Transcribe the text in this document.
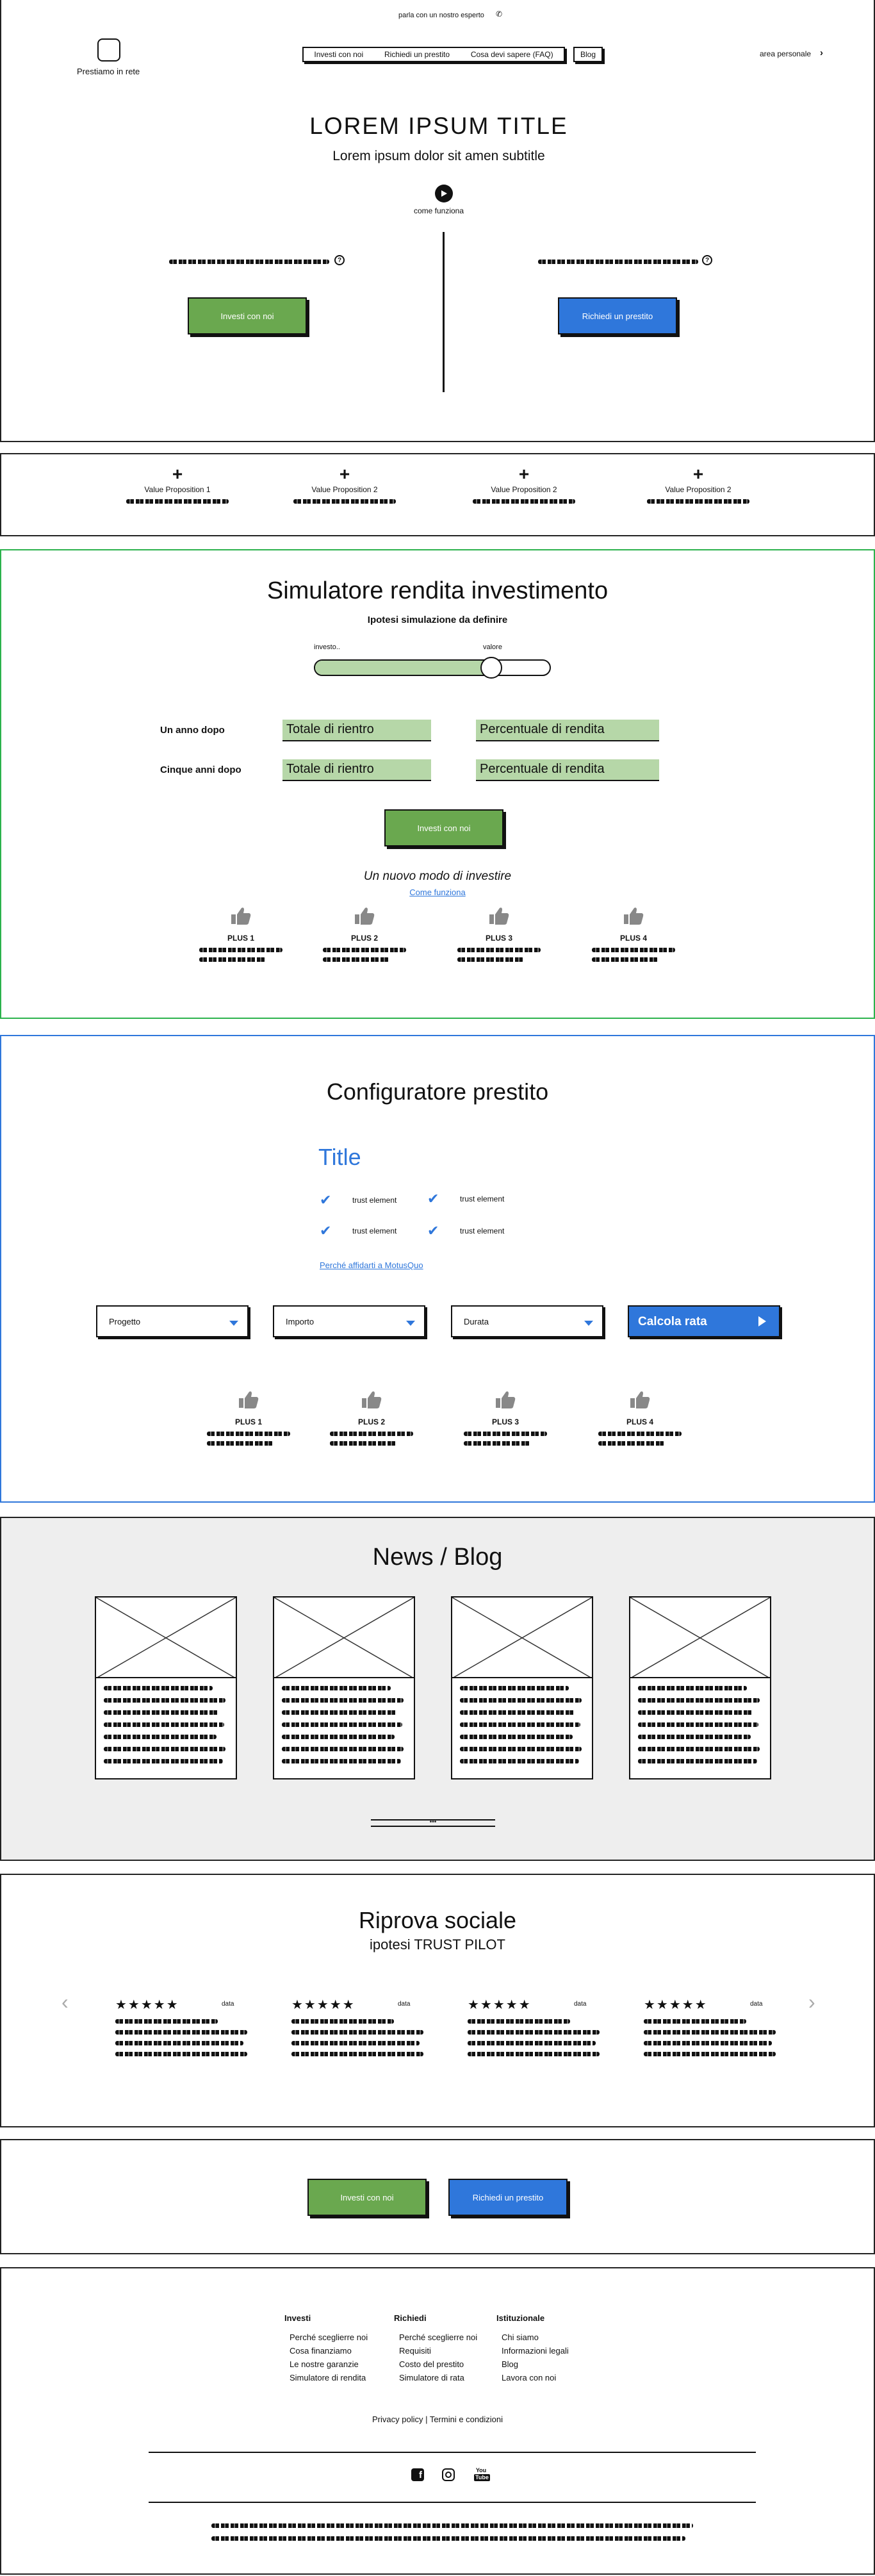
parla con un nostro esperto ✆
Prestiamo in rete
Investi con noi	Richiedi un prestito	Cosa devi sapere (FAQ)	Blog	area personale ›
LOREM IPSUM TITLE
Lorem ipsum dolor sit amen subtitle
come funziona
?
Investi con noi
?
Richiedi un prestito
+
Value Proposition 1
+
Value Proposition 2
+
Value Proposition 2
+
Value Proposition 2
Simulatore rendita investimento
Ipotesi simulazione da definire
investo..	valore
Un anno dopo	Totale di rientro	Percentuale di rendita
Cinque anni dopo	Totale di rientro	Percentuale di rendita
Investi con noi
Un nuovo modo di investire
Come funziona
PLUS 1	PLUS 2	PLUS 3	PLUS 4
Configuratore prestito
Title
✔	trust element ✔	trust element
✔	trust element ✔	trust element
Perché affidarti a MotusQuo
Progetto	Importo	Durata	Calcola rata
PLUS 1	PLUS 2	PLUS 3	PLUS 4
News / Blog
•••
Riprova sociale
ipotesi TRUST PILOT
‹	›
★★★★★	data	★★★★★	data	★★★★★	data	★★★★★	data
Investi con noi	Richiedi un prestito
Investi
Perché sceglierre noi
Cosa finanziamo
Le nostre garanzie
Simulatore di rendita
Richiedi
Perché sceglierre noi
Requisiti
Costo del prestito
Simulatore di rata
Istituzionale
Chi siamo
Informazioni legali
Blog
Lavora con noi
Privacy policy | Termini e condizioni
f	You
Tube
